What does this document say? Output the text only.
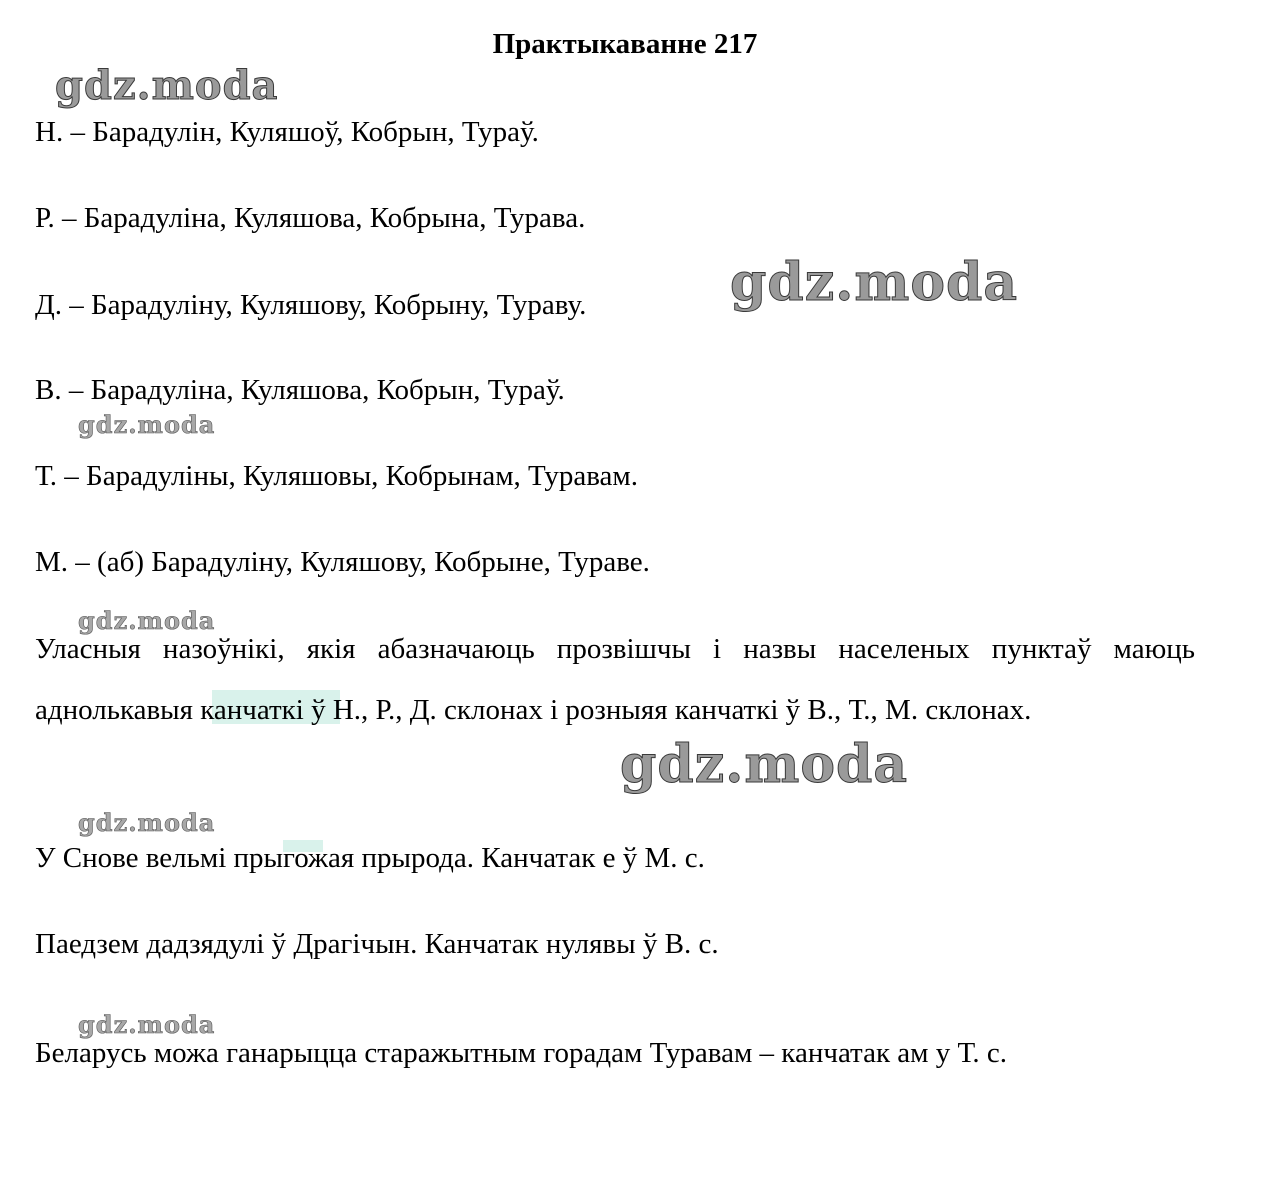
Практыкаванне 217
gdz.moda
gdz.moda
gdz.moda
gdz.moda
gdz.moda
gdz.moda
gdz.moda
Н. – Барадулін, Куляшоў, Кобрын, Тураў.
Р. – Барадуліна, Куляшова, Кобрына, Турава.
Д. – Барадуліну, Куляшову, Кобрыну, Тураву.
В. – Барадуліна, Куляшова, Кобрын, Тураў.
Т. – Барадуліны, Куляшовы, Кобрынам, Туравам.
М. – (аб) Барадуліну, Куляшову, Кобрыне, Тураве.
Уласныя назоўнікі, якія абазначаюць прозвішчы і назвы населеных пунктаў маюць аднолькавыя канчаткі ў Н., Р., Д. склонах і розныяя канчаткі ў В., Т., М. склонах.
У Снове вельмі прыгожая прырода. Канчатак е ў М. с.
Паедзем дадзядулі ў Драгічын. Канчатак нулявы ў В. с.
Беларусь можа ганарыцца старажытным горадам Туравам – канчатак ам у Т. с.
